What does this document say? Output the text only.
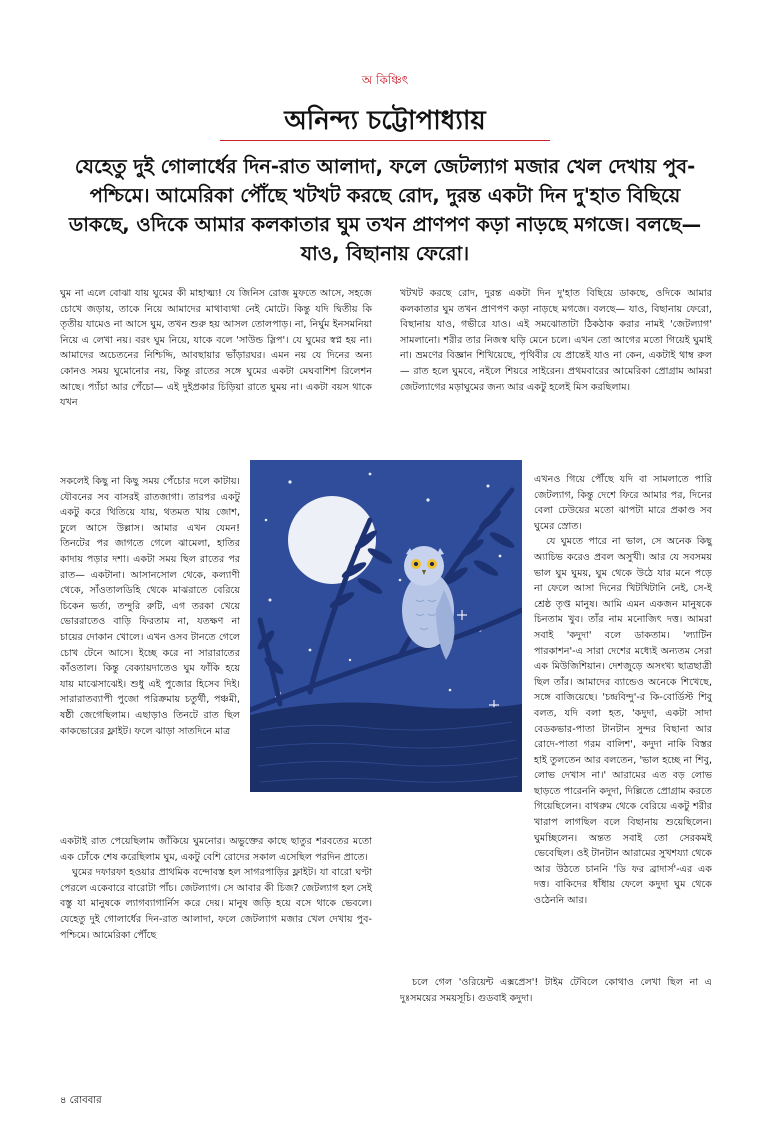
অ কিঞ্চিৎ
অনিন্দ্য চট্টোপাধ্যায়
যেহেতু দুই গোলার্ধের দিন-রাত আলাদা, ফলে জেটল্যাগ মজার খেল দেখায় পুব-পশ্চিমে। আমেরিকা পৌঁছে খটখট করছে রোদ, দুরন্ত একটা দিন দু'হাত বিছিয়ে ডাকছে, ওদিকে আমার কলকাতার ঘুম তখন প্রাণপণ কড়া নাড়ছে মগজে। বলছে— যাও, বিছানায় ফেরো।

ঘুম না এলে বোঝা যায় ঘুমের কী মাহাত্ম্য! যে জিনিস রোজ মুফতে আসে, সহজে চোখে জড়ায়, তাকে নিয়ে আমাদের মাথাব্যথা নেই মোটে। কিন্তু যদি দ্বিতীয় কি তৃতীয় যামেও না আসে ঘুম, তখন শুরু হয় আসল তোলপাড়। না, নির্ঘুম ইনসমনিয়া নিয়ে এ লেখা নয়। বরং ঘুম নিয়ে, যাকে বলে 'সাউন্ড স্লিপ'। যে ঘুমের স্বপ্ন হয় না। আমাদের অচেতনের নিশ্চিদ্দি, আবছায়ার ভাঁড়ারঘর। এমন নয় যে দিনের অন্য কোনও সময় ঘুমোনোর নয়, কিন্তু রাতের সঙ্গে ঘুমের একটা মেঘবাশিশ রিলেশন আছে। প্যাঁচা আর পেঁচো— এই দুইপ্রকার চিড়িয়া রাতে ঘুময় না। একটা বয়স থাকে যখন

সকলেই কিছু না কিছু সময় পেঁচোর দলে কাটায়। যৌবনের সব বাসরই রাতজাগা। তারপর একটু একটু করে থিতিয়ে যায়, থতমত খায় জোশ, ঢুলে আসে উল্লাস। আমার এখন যেমন! তিনটের পর জাগতে গেলে ঝামেলা, হাতির কাদায় পড়ার দশা। একটা সময় ছিল রাতের পর রাত— একটানা। আসানসোল থেকে, কল্যাণী থেকে, সাঁওতালডিহি থেকে মাঝরাতে বেরিয়ে চিকেন ভর্তা, তন্দুরি রুটি, এগ তরকা খেয়ে ভোররাতেও বাড়ি ফিরতাম না, যতক্ষণ না চায়ের দোকান খোলে। এখন ওসব টানতে গেলে চোখ টেনে আসে। ইচ্ছে করে না সারারাতের কাঁওতাল। কিন্তু বেক্যায়দাতেও ঘুম ফাঁকি হয়ে যায় মাঝেসাঝেই। শুধু এই পুজোর হিসেব দিই। সারারাতব্যাপী পুজো পরিক্রমায় চতুর্থী, পঞ্চমী, ষষ্ঠী জেগেছিলাম। এছাড়াও তিনটে রাত ছিল কাকভোরের ফ্লাইট। ফলে ঝাড়া সাতদিনে মাত্র

একটাই রাত পেয়েছিলাম জাঁকিয়ে ঘুমনোর। অভুক্তের কাছে ছাতুর শরবতের মতো এক ঢোঁকে শেষ করেছিলাম ঘুম, একটু বেশি রোদের সকাল এসেছিল পরদিন প্রাতে।

ঘুমের দফারফা হওয়ার প্রাথমিক বন্দোবস্ত হল সাগরপাড়ির ফ্লাইট। যা বারো ঘণ্টা পেরলে একেবারে বারোটা পাঁচ। জেটল্যাগ। সে আবার কী চিজ? জেটল্যাগ হল সেই বস্তু যা মানুষকে ল্যাগব্যাগার্নিস করে দেয়। মানুষ জড়ি হয়ে বসে থাকে ভেবলে। যেহেতু দুই গোলার্ধের দিন-রাত আলাদা, ফলে জেটল্যাগ মজার খেল দেখায় পুব-পশ্চিমে। আমেরিকা পৌঁছে

খটখট করছে রোদ, দুরন্ত একটা দিন দু'হাত বিছিয়ে ডাকছে, ওদিকে আমার কলকাতার ঘুম তখন প্রাণপণ কড়া নাড়ছে মগজে। বলছে— যাও, বিছানায় ফেরো, বিছানায় যাও, গভীরে যাও। এই সমঝোতাটা ঠিকঠাক করার নামই 'জেটল্যাগ' সামলানো। শরীর তার নিজস্ব ঘড়ি মেনে চলে। এখন তো আগের মতো গিয়েই ঘুমাই না। ভ্রমণের বিজ্ঞান শিখিয়েছে, পৃথিবীর যে প্রান্তেই যাও না কেন, একটাই থাম্ব রুল— রাত হলে ঘুমবে, নইলে শিয়রে সাইরেন। প্রথমবারের আমেরিকা প্রোগ্রাম আমরা জেটল্যাগের মড়াঘুমের জন্য আর একটু হলেই মিস করছিলাম।

এখনও গিয়ে পৌঁছে যদি বা সামলাতে পারি জেটল্যাগ, কিন্তু দেশে ফিরে আমার পর, দিনের বেলা ঢেউয়ের মতো ঝাপটা মারে প্রকাণ্ড সব ঘুমের স্রোত।

যে ঘুমতে পারে না ভাল, সে অনেক কিছু অ্যাচিভ করেও প্রবল অসুখী। আর যে সবসময় ভাল ঘুম ঘুময়, ঘুম থেকে উঠে যার মনে পড়ে না ফেলে আসা দিনের খিটখিটানি নেই, সে-ই শ্রেষ্ঠ তৃপ্ত মানুষ। আমি এমন একজন মানুষকে চিনতাম খুব। তাঁর নাম মনোজিৎ দত্ত। আমরা সবাই 'কদুদা' বলে ডাকতাম। 'ল্যাটিন পারকাশন'-এ সারা দেশের মধ্যেই অন্যতম সেরা এক মিউজিশিয়ান। দেশজুড়ে অসংখ্য ছাত্রছাত্রী ছিল তাঁর। আমাদের ব্যান্ডেও অনেকে শিখেছে, সঙ্গে বাজিয়েছে। 'চন্দ্রবিন্দু'-র কি-বোর্ডিস্ট শিবু বলত, যদি বলা হত, 'কদুদা, একটা সাদা বেডকভার-পাতা টানটান সুন্দর বিছানা আর রোদে-পাতা গরম বালিশ', কদুদা নাকি বিস্তর হাই তুলতেন আর বলতেন, 'ভাল হচ্ছে না শিবু, লোভ দেখাস না।' আরামের এত বড় লোভ ছাড়তে পারেননি কদুদা, দিল্লিতে প্রোগ্রাম করতে গিয়েছিলেন। বাথরুম থেকে বেরিয়ে একটু শরীর খারাপ লাগছিল বলে বিছানায় শুয়েছিলেন। ঘুমচ্ছিলেন। অন্তত সবাই তো সেরকমই ভেবেছিল। ওই টানটান আরামের সুখশয্যা থেকে আর উঠতে চাননি 'ডি ফর ব্রাদার্স'-এর এক দত্ত। বাকিদের ধাঁধায় ফেলে কদুদা ঘুম থেকে ওঠেননি আর।

চলে গেল 'ওরিয়েন্ট এক্সপ্রেস'! টাইম টেবিলে কোথাও লেখা ছিল না এ দুঃসময়ের সময়সূচি। গুডবাই কদুদা।

৪ রোববার
